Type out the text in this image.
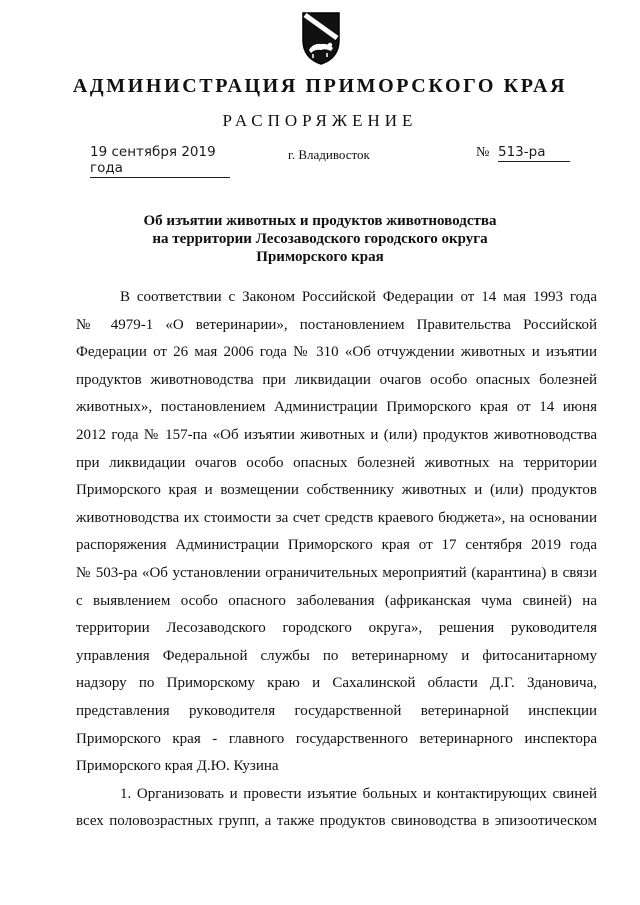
АДМИНИСТРАЦИЯ ПРИМОРСКОГО КРАЯ
РАСПОРЯЖЕНИЕ
19 сентября 2019 года
г. Владивосток	№ 513-ра
Об изъятии животных и продуктов животноводства
на территории Лесозаводского городского округа
Приморского края
В соответствии с Законом Российской Федерации от 14 мая 1993 года
№ 4979-1 «О ветеринарии», постановлением Правительства Российской
Федерации от 26 мая 2006 года № 310 «Об отчуждении животных и изъятии
продуктов животноводства при ликвидации очагов особо опасных болезней
животных», постановлением Администрации Приморского края от 14 июня
2012 года № 157-па «Об изъятии животных и (или) продуктов животноводства
при ликвидации очагов особо опасных болезней животных на территории
Приморского края и возмещении собственнику животных и (или) продуктов
животноводства их стоимости за счет средств краевого бюджета», на основании
распоряжения Администрации Приморского края от 17 сентября 2019 года
№ 503-ра «Об установлении ограничительных мероприятий (карантина) в связи
с выявлением особо опасного заболевания (африканская чума свиней) на
территории Лесозаводского городского округа», решения руководителя
управления Федеральной службы по ветеринарному и фитосанитарному
надзору по Приморскому краю и Сахалинской области Д.Г. Здановича,
представления руководителя государственной ветеринарной инспекции
Приморского края - главного государственного ветеринарного инспектора
Приморского края Д.Ю. Кузина
1. Организовать и провести изъятие больных и контактирующих свиней
всех половозрастных групп, а также продуктов свиноводства в эпизоотическом
